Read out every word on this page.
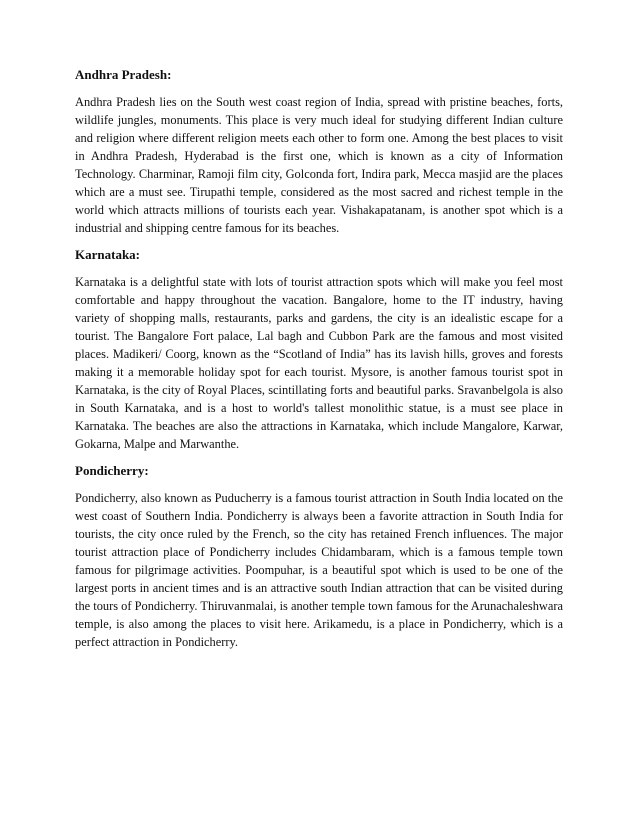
Andhra Pradesh:

Andhra Pradesh lies on the South west coast region of India, spread with pristine beaches, forts, wildlife jungles, monuments. This place is very much ideal for studying different Indian culture and religion where different religion meets each other to form one. Among the best places to visit in Andhra Pradesh, Hyderabad is the first one, which is known as a city of Information Technology. Charminar, Ramoji film city, Golconda fort, Indira park, Mecca masjid are the places which are a must see. Tirupathi temple, considered as the most sacred and richest temple in the world which attracts millions of tourists each year. Vishakapatanam, is another spot which is a industrial and shipping centre famous for its beaches.

Karnataka:

Karnataka is a delightful state with lots of tourist attraction spots which will make you feel most comfortable and happy throughout the vacation. Bangalore, home to the IT industry, having variety of shopping malls, restaurants, parks and gardens, the city is an idealistic escape for a tourist. The Bangalore Fort palace, Lal bagh and Cubbon Park are the famous and most visited places. Madikeri/ Coorg, known as the “Scotland of India” has its lavish hills, groves and forests making it a memorable holiday spot for each tourist. Mysore, is another famous tourist spot in Karnataka, is the city of Royal Places, scintillating forts and beautiful parks. Sravanbelgola is also in South Karnataka, and is a host to world's tallest monolithic statue, is a must see place in Karnataka. The beaches are also the attractions in Karnataka, which include Mangalore, Karwar, Gokarna, Malpe and Marwanthe.

Pondicherry:

Pondicherry, also known as Puducherry is a famous tourist attraction in South India located on the west coast of Southern India. Pondicherry is always been a favorite attraction in South India for tourists, the city once ruled by the French, so the city has retained French influences. The major tourist attraction place of Pondicherry includes Chidambaram, which is a famous temple town famous for pilgrimage activities. Poompuhar, is a beautiful spot which is used to be one of the largest ports in ancient times and is an attractive south Indian attraction that can be visited during the tours of Pondicherry. Thiruvanmalai, is another temple town famous for the Arunachaleshwara temple, is also among the places to visit here. Arikamedu, is a place in Pondicherry, which is a perfect attraction in Pondicherry.
